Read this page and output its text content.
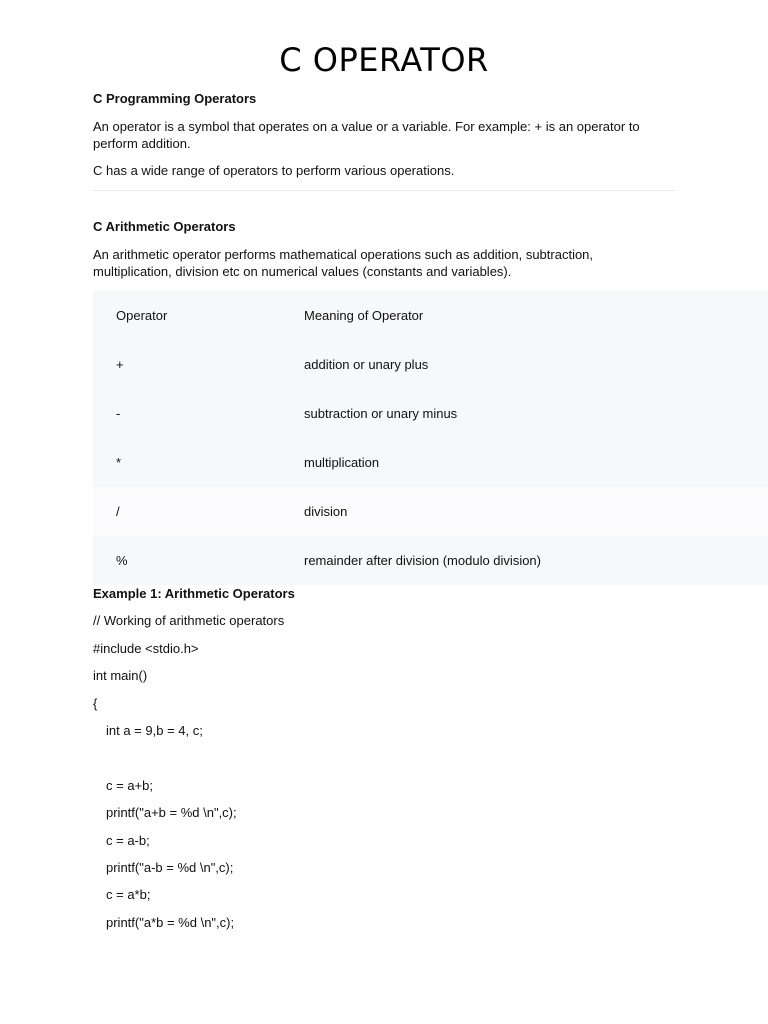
C OPERATOR

C Programming Operators

An operator is a symbol that operates on a value or a variable. For example: + is an operator to perform addition.

C has a wide range of operators to perform various operations.

C Arithmetic Operators

An arithmetic operator performs mathematical operations such as addition, subtraction, multiplication, division etc on numerical values (constants and variables).

Operator	Meaning of Operator
+	addition or unary plus
-	subtraction or unary minus
*	multiplication
/	division
%	remainder after division (modulo division)
Example 1: Arithmetic Operators
// Working of arithmetic operators
#include <stdio.h>
int main()
{
int a = 9,b = 4, c;
c = a+b;
printf("a+b = %d \n",c);
c = a-b;
printf("a-b = %d \n",c);
c = a*b;
printf("a*b = %d \n",c);
